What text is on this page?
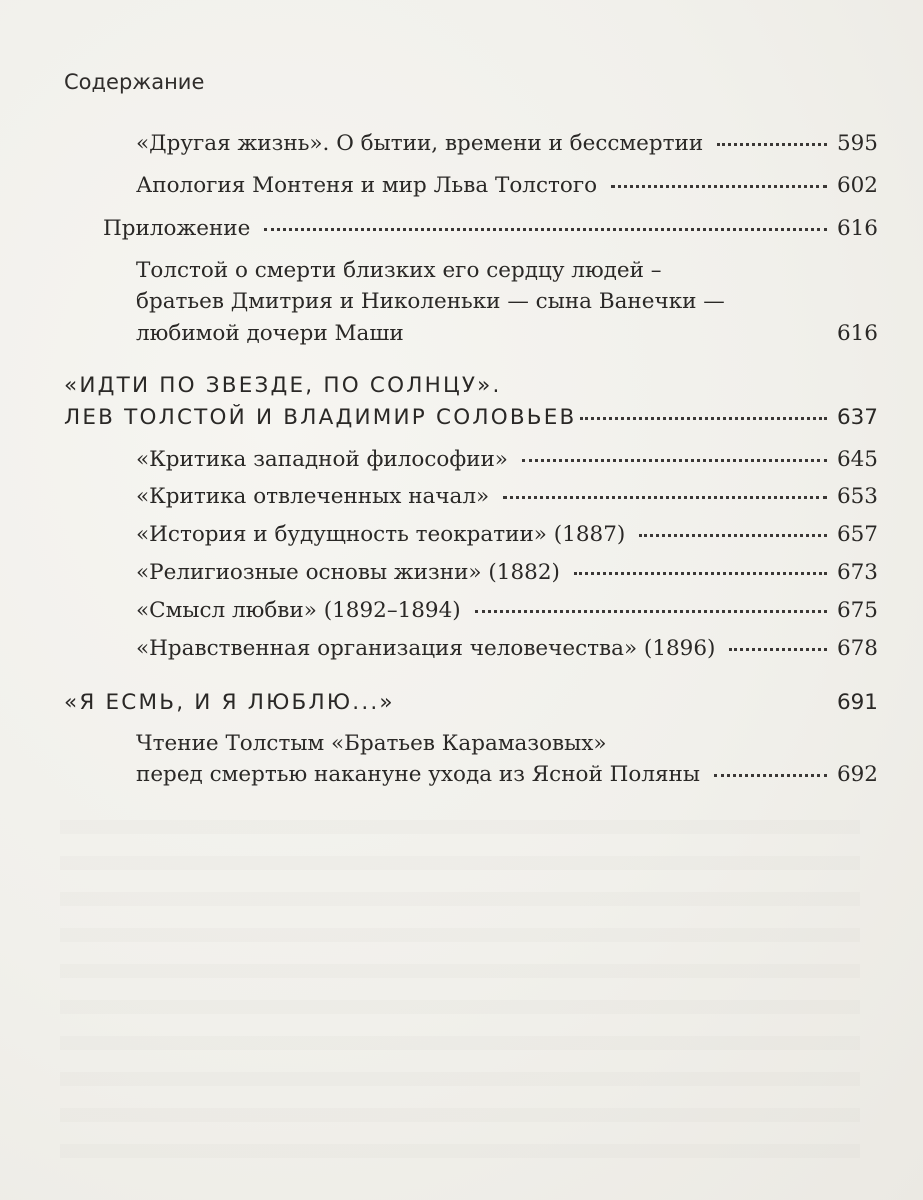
Содержание
«Другая жизнь». О бытии, времени и бессмертии	595
Апология Монтеня и мир Льва Толстого	602
Приложение	616
Толстой о смерти близких его сердцу людей –
братьев Дмитрия и Николеньки — сына Ванечки —
любимой дочери Маши	616
«ИДТИ ПО ЗВЕЗДЕ, ПО СОЛНЦУ».
ЛЕВ ТОЛСТОЙ И ВЛАДИМИР СОЛОВЬЕВ	637
«Критика западной философии»	645
«Критика отвлеченных начал»	653
«История и будущность теократии» (1887)	657
«Религиозные основы жизни» (1882)	673
«Смысл любви» (1892–1894)	675
«Нравственная организация человечества» (1896)	678
«Я ЕСМЬ, И Я ЛЮБЛЮ...»	691
Чтение Толстым «Братьев Карамазовых»
перед смертью накануне ухода из Ясной Поляны	692
